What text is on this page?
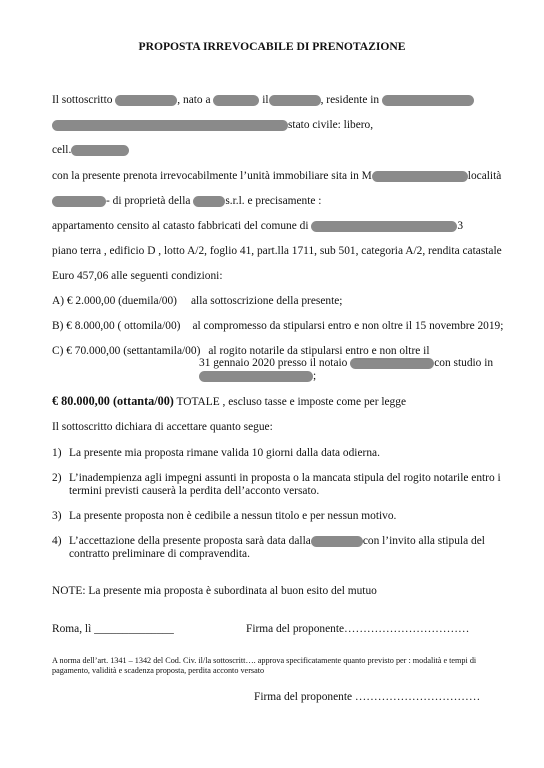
PROPOSTA IRREVOCABILE DI PRENOTAZIONE
Il sottoscritto	, nato a	il	, residente in
stato civile: libero,
cell.
con la presente prenota irrevocabilmente l’unità immobiliare sita in M	località
- di proprietà della	s.r.l. e precisamente :
appartamento censito al catasto fabbricati del comune di	3
piano terra , edificio D , lotto A/2, foglio 41, part.lla 1711, sub 501, categoria A/2, rendita catastale
Euro 457,06 alle seguenti condizioni:
A) € 2.000,00 (duemila/00) alla sottoscrizione della presente;
B) € 8.000,00 ( ottomila/00) al compromesso da stipularsi entro e non oltre il 15 novembre 2019;
C) € 70.000,00 (settantamila/00) al rogito notarile da stipularsi entro e non oltre il
31 gennaio 2020 presso il notaio	con studio in
;
€ 80.000,00 (ottanta/00) TOTALE , escluso tasse e imposte come per legge
Il sottoscritto dichiara di accettare quanto segue:
1) La presente mia proposta rimane valida 10 giorni dalla data odierna.
2) L’inadempienza agli impegni assunti in proposta o la mancata stipula del rogito notarile entro i
termini previsti causerà la perdita dell’acconto versato.
3) La presente proposta non è cedibile a nessun titolo e per nessun motivo.
4) L’accettazione della presente proposta sarà data dalla	con l’invito alla stipula del
contratto preliminare di compravendita.
NOTE: La presente mia proposta è subordinata al buon esito del mutuo
Roma, lì ______________	Firma del proponente……………………………
A norma dell’art. 1341 – 1342 del Cod. Civ. il/la sottoscritt…. approva specificatamente quanto previsto per : modalità e tempi di
pagamento, validità e scadenza proposta, perdita acconto versato
Firma del proponente ……………………………
